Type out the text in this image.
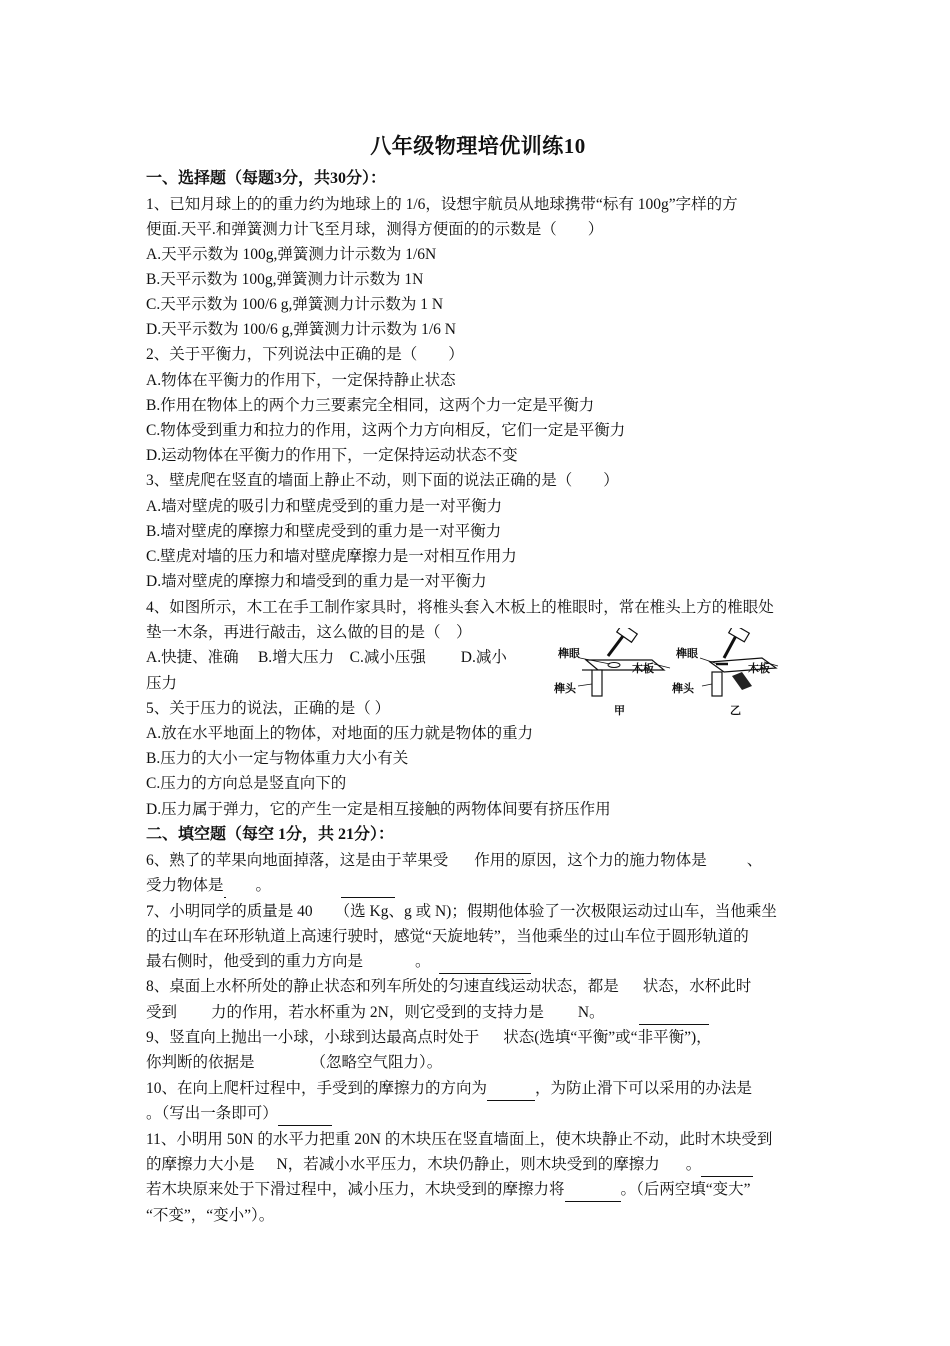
八年级物理培优训练10
一、选择题（每题3分，共30分）：
1、已知月球上的的重力约为地球上的 1/6，设想宇航员从地球携带“标有 100g”字样的方
便面.天平.和弹簧测力计飞至月球，测得方便面的的示数是（　　）
A.天平示数为 100g,弹簧测力计示数为 1/6N
B.天平示数为 100g,弹簧测力计示数为 1N
C.天平示数为 100/6 g,弹簧测力计示数为 1 N
D.天平示数为 100/6 g,弹簧测力计示数为 1/6 N
2、关于平衡力，下列说法中正确的是（　　）
A.物体在平衡力的作用下，一定保持静止状态
B.作用在物体上的两个力三要素完全相同，这两个力一定是平衡力
C.物体受到重力和拉力的作用，这两个力方向相反，它们一定是平衡力
D.运动物体在平衡力的作用下，一定保持运动状态不变
3、壁虎爬在竖直的墙面上静止不动，则下面的说法正确的是（　　）
A.墙对壁虎的吸引力和壁虎受到的重力是一对平衡力
B.墙对壁虎的摩擦力和壁虎受到的重力是一对平衡力
C.壁虎对墙的压力和墙对壁虎摩擦力是一对相互作用力
D.墙对壁虎的摩擦力和墙受到的重力是一对平衡力
4、如图所示，木工在手工制作家具时，将椎头套入木板上的椎眼时，常在椎头上方的椎眼处
垫一木条，再进行敲击，这么做的目的是（　）
A.快捷、准确　 B.增大压力　C.减小压强　　 D.减小
压力
5、关于压力的说法，正确的是（ ）
A.放在水平地面上的物体，对地面的压力就是物体的重力
B.压力的大小一定与物体重力大小有关
C.压力的方向总是竖直向下的
D.压力属于弹力，它的产生一定是相互接触的两物体间要有挤压作用
二、填空题（每空 1分，共 21分）：
6、熟了的苹果向地面掉落，这是由于苹果受 作用的原因，这个力的施力物体是	、
受力物体是 。
7、小明同学的质量是 40 （选 Kg、g 或 N)；假期他体验了一次极限运动过山车，当他乘坐
的过山车在环形轨道上高速行驶时，感觉“天旋地转”，当他乘坐的过山车位于圆形轨道的
最右侧时，他受到的重力方向是	。
8、桌面上水杯所处的静止状态和列车所处的匀速直线运动状态，都是 状态，水杯此时
受到 力的作用，若水杯重为 2N，则它受到的支持力是 N。
9、竖直向上抛出一小球，小球到达最高点时处于 状态(选填“平衡”或“非平衡”)，
你判断的依据是	（忽略空气阻力）。
10、在向上爬杆过程中，手受到的摩擦力的方向为	，为防止滑下可以采用的办法是
。（写出一条即可）
11、小明用 50N 的水平力把重 20N 的木块压在竖直墙面上，使木块静止不动，此时木块受到
的摩擦力大小是 N，若减小水平压力，木块仍静止，则木块受到的摩擦力 。
若木块原来处于下滑过程中，减小压力，木块受到的摩擦力将	。（后两空填“变大”
“不变”，“变小”）。
榫眼
木板
榫头
甲
榫眼
木板
榫头
乙
